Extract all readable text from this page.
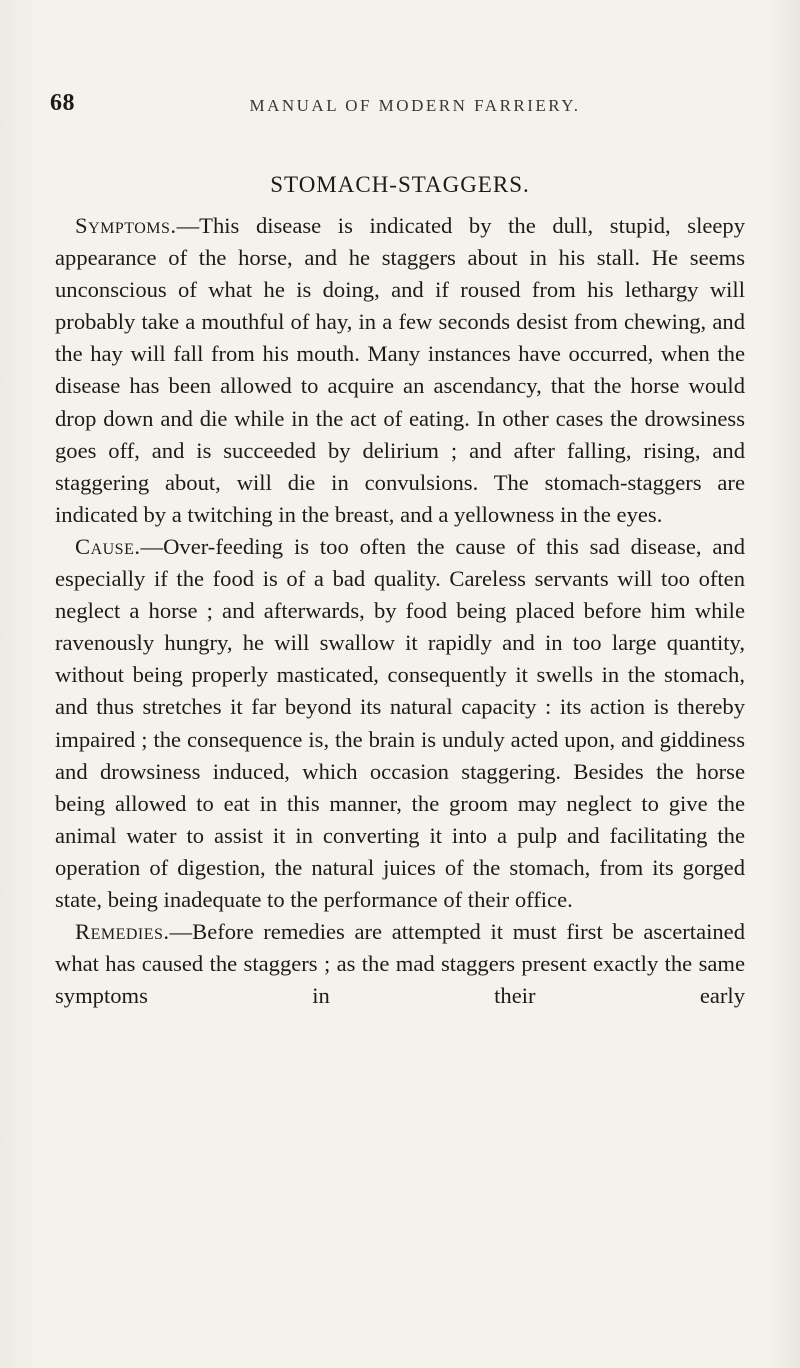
68	MANUAL OF MODERN FARRIERY.
STOMACH-STAGGERS.

Symptoms.—This disease is indicated by the dull, stupid, sleepy appearance of the horse, and he staggers about in his stall. He seems unconscious of what he is doing, and if roused from his lethargy will probably take a mouthful of hay, in a few seconds desist from chewing, and the hay will fall from his mouth. Many instances have occurred, when the disease has been allowed to acquire an ascendancy, that the horse would drop down and die while in the act of eating. In other cases the drowsiness goes off, and is succeeded by delirium ; and after falling, rising, and staggering about, will die in convulsions. The stomach-staggers are indicated by a twitching in the breast, and a yellowness in the eyes.

Cause.—Over-feeding is too often the cause of this sad disease, and especially if the food is of a bad quality. Careless servants will too often neglect a horse ; and afterwards, by food being placed before him while ravenously hungry, he will swallow it rapidly and in too large quantity, without being properly masticated, consequently it swells in the stomach, and thus stretches it far beyond its natural capacity : its action is thereby impaired ; the consequence is, the brain is unduly acted upon, and giddiness and drowsiness induced, which occasion staggering. Besides the horse being allowed to eat in this manner, the groom may neglect to give the animal water to assist it in converting it into a pulp and facilitating the operation of digestion, the natural juices of the stomach, from its gorged state, being inadequate to the performance of their office.

Remedies.—Before remedies are attempted it must first be ascertained what has caused the staggers ; as the mad staggers present exactly the same symptoms in their early
